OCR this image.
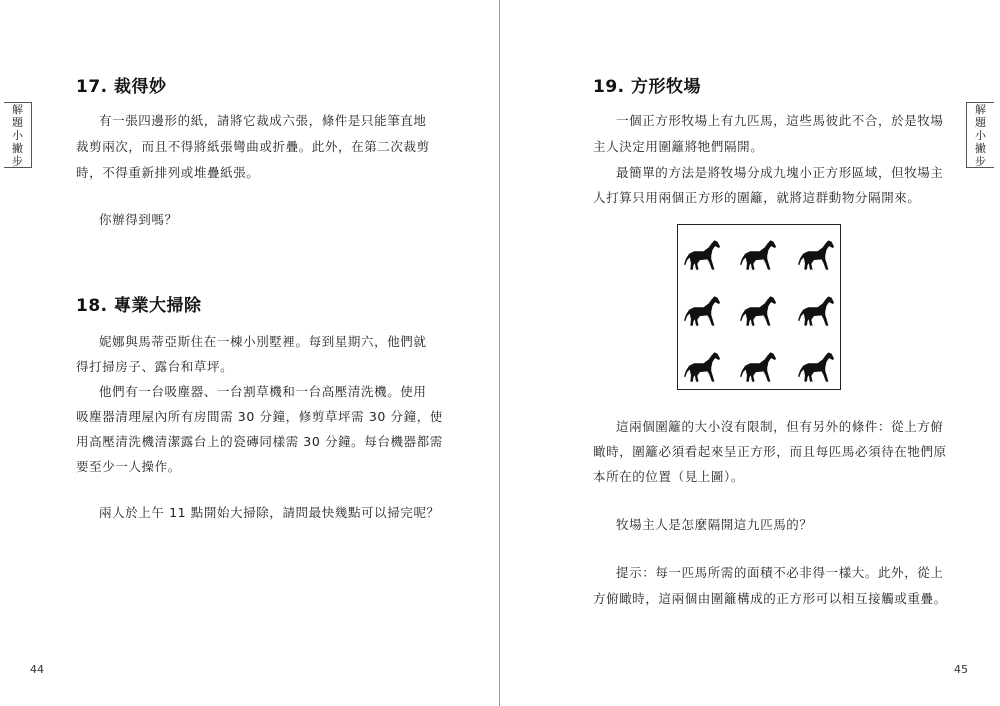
解
題
小
撇
步
17. 裁得妙
有一張四邊形的紙，請將它裁成六張，條件是只能筆直地
裁剪兩次，而且不得將紙張彎曲或折疊。此外，在第二次裁剪
時，不得重新排列或堆疊紙張。
你辦得到嗎？
18. 專業大掃除
妮娜與馬蒂亞斯住在一棟小別墅裡。每到星期六，他們就
得打掃房子、露台和草坪。
他們有一台吸塵器、一台割草機和一台高壓清洗機。使用
吸塵器清理屋內所有房間需 30 分鐘，修剪草坪需 30 分鐘，使
用高壓清洗機清潔露台上的瓷磚同樣需 30 分鐘。每台機器都需
要至少一人操作。
兩人於上午 11 點開始大掃除，請問最快幾點可以掃完呢？
44
解
題
小
撇
步
19. 方形牧場
一個正方形牧場上有九匹馬，這些馬彼此不合，於是牧場
主人決定用圍籬將牠們隔開。
最簡單的方法是將牧場分成九塊小正方形區域，但牧場主
人打算只用兩個正方形的圍籬，就將這群動物分隔開來。
這兩個圍籬的大小沒有限制，但有另外的條件：從上方俯
瞰時，圍籬必須看起來呈正方形，而且每匹馬必須待在牠們原
本所在的位置（見上圖）。
牧場主人是怎麼隔開這九匹馬的？
提示：每一匹馬所需的面積不必非得一樣大。此外，從上
方俯瞰時，這兩個由圍籬構成的正方形可以相互接觸或重疊。
45
